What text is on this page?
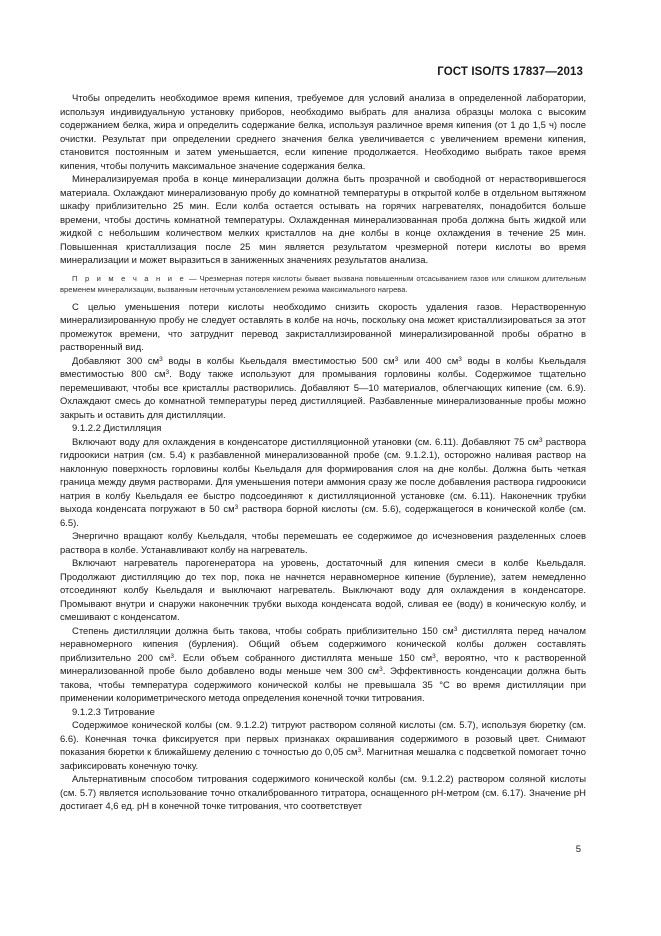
ГОСТ ISO/TS 17837—2013

Чтобы определить необходимое время кипения, требуемое для условий анализа в определенной лаборатории, используя индивидуальную установку приборов, необходимо выбрать для анализа образцы молока с высоким содержанием белка, жира и определить содержание белка, используя различное время кипения (от 1 до 1,5 ч) после очистки. Результат при определении среднего значения белка увеличивается с увеличением времени кипения, становится постоянным и затем уменьшается, если кипение продолжается. Необходимо выбрать такое время кипения, чтобы получить максимальное значение содержания белка.

Минерализируемая проба в конце минерализации должна быть прозрачной и свободной от нерастворившегося материала. Охлаждают минерализованую пробу до комнатной температуры в открытой колбе в отдельном вытяжном шкафу приблизительно 25 мин. Если колба остается остывать на горячих нагревателях, понадобится больше времени, чтобы достичь комнатной температуры. Охлажденная минерализованная проба должна быть жидкой или жидкой с небольшим количеством мелких кристаллов на дне колбы в конце охлаждения в течение 25 мин. Повышенная кристаллизация после 25 мин является результатом чрезмерной потери кислоты во время минерализации и может выразиться в заниженных значениях результатов анализа.

П р и м е ч а н и е — Чрезмерная потеря кислоты бывает вызвана повышенным отсасыванием газов или слишком длительным временем минерализации, вызванным неточным установлением режима максимального нагрева.

С целью уменьшения потери кислоты необходимо снизить скорость удаления газов. Нерастворенную минерализированную пробу не следует оставлять в колбе на ночь, поскольку она может кристаллизироваться за этот промежуток времени, что затруднит перевод закристаллизированной минерализированной пробы обратно в растворенный вид.

Добавляют 300 $см^3$ воды в колбы Кьельдаля вместимостью 500 $см^3$ или 400 $см^3$ воды в колбы Кьельдаля вместимостью 800 $см^3$. Воду также используют для промывания горловины колбы. Содержимое тщательно перемешивают, чтобы все кристаллы растворились. Добавляют 5—10 материалов, облегчающих кипение (см. 6.9). Охлаждают смесь до комнатной температуры перед дистилляцией. Разбавленные минерализованные пробы можно закрыть и оставить для дистилляции.

9.1.2.2 Дистилляция

Включают воду для охлаждения в конденсаторе дистилляционной утановки (см. 6.11). Добавляют 75 $см^3$ раствора гидроокиси натрия (см. 5.4) к разбавленной минерализованной пробе (см. 9.1.2.1), осторожно наливая раствор на наклонную поверхность горловины колбы Кьельдаля для формирования слоя на дне колбы. Должна быть четкая граница между двумя растворами. Для уменьшения потери аммония сразу же после добавления раствора гидроокиси натрия в колбу Кьельдаля ее быстро подсоединяют к дистилляционной установке (см. 6.11). Наконечник трубки выхода конденсата погружают в 50 $см^3$ раствора борной кислоты (см. 5.6), содержащегося в конической колбе (см. 6.5).

Энергично вращают колбу Кьельдаля, чтобы перемешать ее содержимое до исчезновения разделенных слоев раствора в колбе. Устанавливают колбу на нагреватель.

Включают нагреватель парогенератора на уровень, достаточный для кипения смеси в колбе Кьельдаля. Продолжают дистилляцию до тех пор, пока не начнется неравномерное кипение (бурление), затем немедленно отсоединяют колбу Кьельдаля и выключают нагреватель. Выключают воду для охлаждения в конденсаторе. Промывают внутри и снаружи наконечник трубки выхода конденсата водой, сливая ее (воду) в коническую колбу, и смешивают с конденсатом.

Степень дистилляции должна быть такова, чтобы собрать приблизительно 150 $см^3$ дистиллята перед началом неравномерного кипения (бурления). Общий объем содержимого конической колбы должен составлять приблизительно 200 $см^3$. Если объем собранного дистиллята меньше 150 $см^3$, вероятно, что к растворенной минерализованной пробе было добавлено воды меньше чем 300 $см^3$. Эффективность конденсации должна быть такова, чтобы температура содержимого конической колбы не превышала 35 °С во время дистилляции при применении колориметрического метода определения конечной точки титрования.

9.1.2.3 Титрование

Содержимое конической колбы (см. 9.1.2.2) титруют раствором соляной кислоты (см. 5.7), используя бюретку (см. 6.6). Конечная точка фиксируется при первых признаках окрашивания содержимого в розовый цвет. Снимают показания бюретки к ближайшему делению с точностью до 0,05 $см^3$. Магнитная мешалка с подсветкой помогает точно зафиксировать конечную точку.

Альтернативным способом титрования содержимого конической колбы (см. 9.1.2.2) раствором соляной кислоты (см. 5.7) является использование точно откалиброванного титратора, оснащенного рН-метром (см. 6.17). Значение рН достигает 4,6 ед. рН в конечной точке титрования, что соответствует

5
